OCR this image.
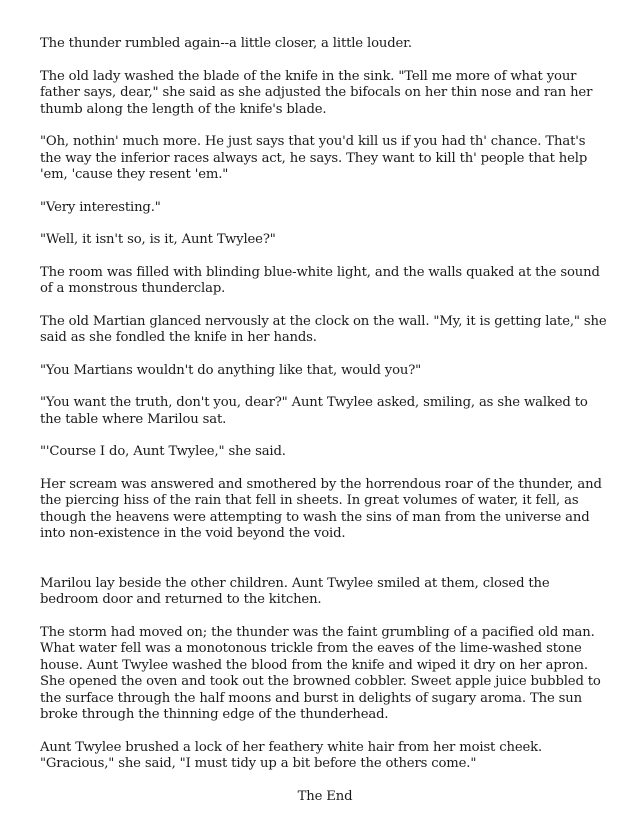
The thunder rumbled again--a little closer, a little louder.

The old lady washed the blade of the knife in the sink. "Tell me more of what your father says, dear," she said as she adjusted the bifocals on her thin nose and ran her thumb along the length of the knife's blade.

"Oh, nothin' much more. He just says that you'd kill us if you had th' chance. That's the way the inferior races always act, he says. They want to kill th' people that help 'em, 'cause they resent 'em."

"Very interesting."

"Well, it isn't so, is it, Aunt Twylee?"

The room was filled with blinding blue-white light, and the walls quaked at the sound of a monstrous thunderclap.

The old Martian glanced nervously at the clock on the wall. "My, it is getting late," she said as she fondled the knife in her hands.

"You Martians wouldn't do anything like that, would you?"

"You want the truth, don't you, dear?" Aunt Twylee asked, smiling, as she walked to the table where Marilou sat.

"'Course I do, Aunt Twylee," she said.

Her scream was answered and smothered by the horrendous roar of the thunder, and the piercing hiss of the rain that fell in sheets. In great volumes of water, it fell, as though the heavens were attempting to wash the sins of man from the universe and into non-existence in the void beyond the void.

Marilou lay beside the other children. Aunt Twylee smiled at them, closed the bedroom door and returned to the kitchen.

The storm had moved on; the thunder was the faint grumbling of a pacified old man. What water fell was a monotonous trickle from the eaves of the lime-washed stone house. Aunt Twylee washed the blood from the knife and wiped it dry on her apron. She opened the oven and took out the browned cobbler. Sweet apple juice bubbled to the surface through the half moons and burst in delights of sugary aroma. The sun broke through the thinning edge of the thunderhead.

Aunt Twylee brushed a lock of her feathery white hair from her moist cheek. "Gracious," she said, "I must tidy up a bit before the others come."

The End
